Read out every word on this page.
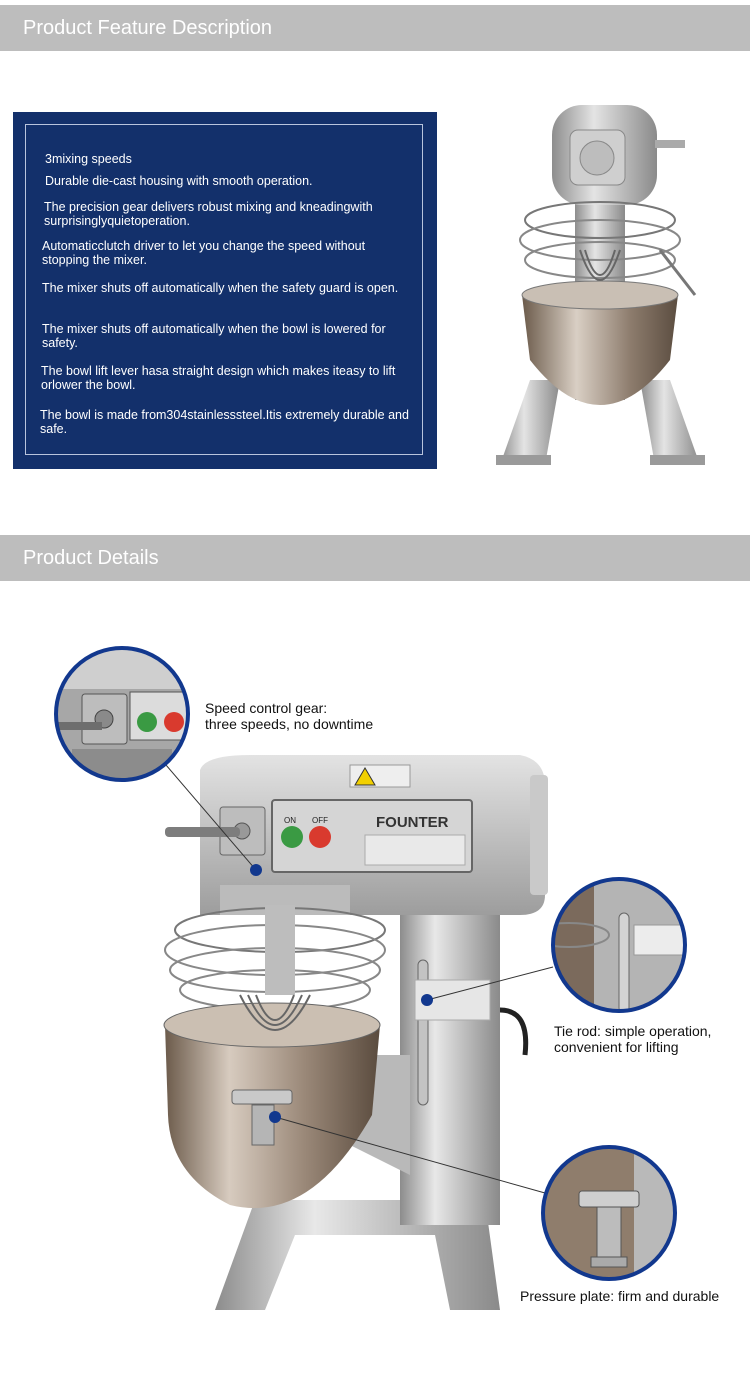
Product Feature Description
3mixing speeds
Durable die-cast housing with smooth operation.
The precision gear delivers robust mixing and kneadingwith surprisinglyquietoperation.
Automaticclutch driver to let you change the speed without stopping the mixer.
The mixer shuts off automatically when the safety guard is open.
The mixer shuts off automatically when the bowl is lowered for safety.
The bowl lift lever hasa straight design which makes iteasy to lift orlower the bowl.
The bowl is made from304stainlesssteel.Itis extremely durable and safe.
Product Details
ON OFF	FOUNTER
Speed control gear:
three speeds, no downtime
Tie rod: simple operation,
convenient for lifting
Pressure plate: firm and durable
